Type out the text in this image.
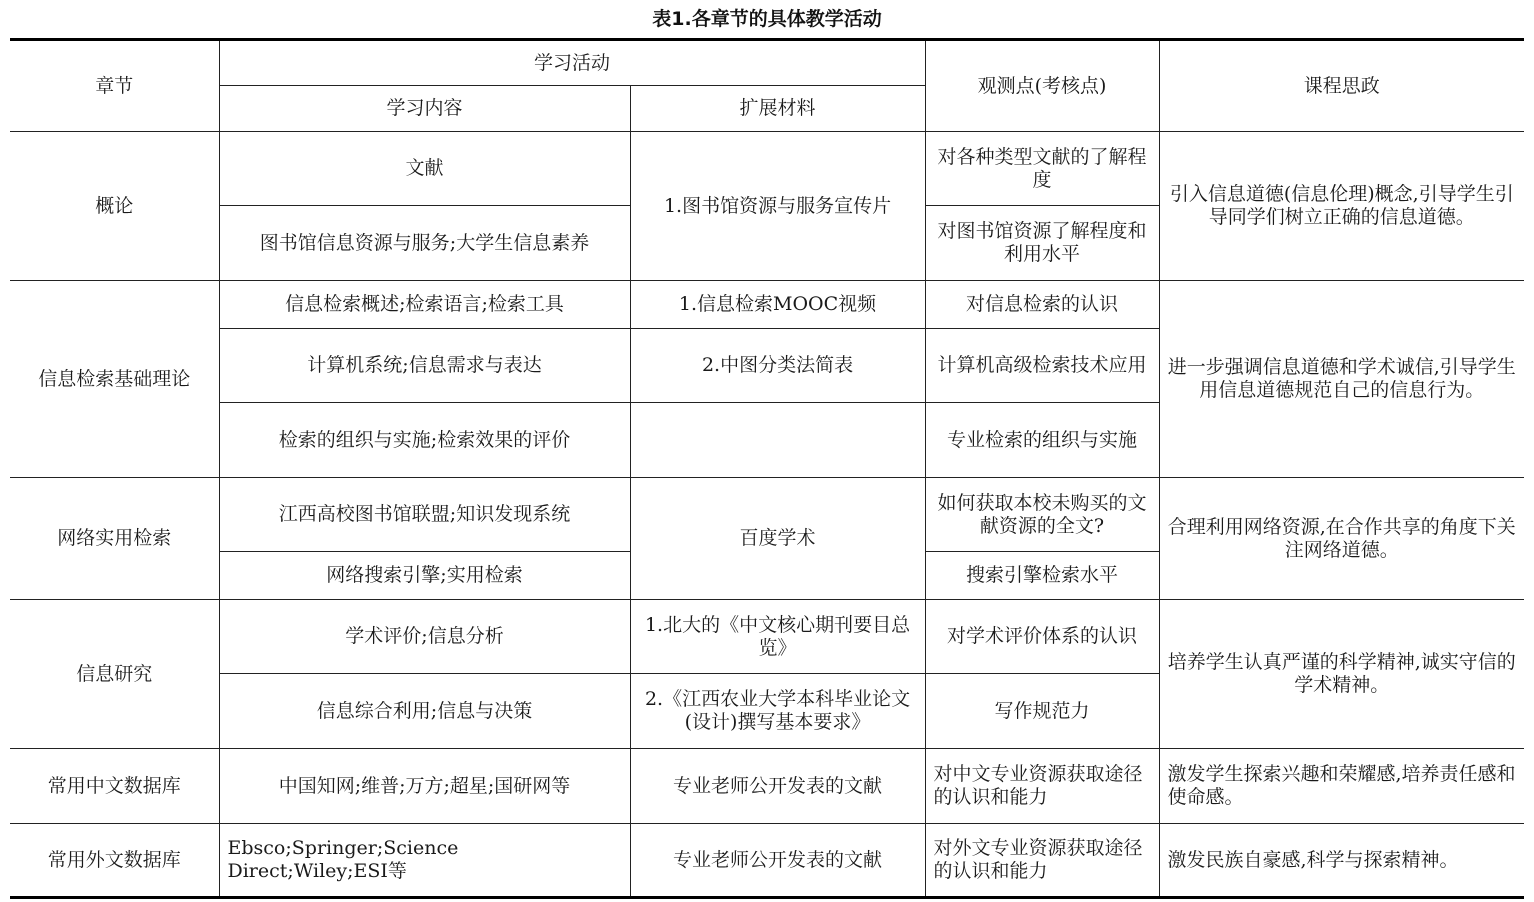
表1.各章节的具体教学活动
章节	学习活动		观测点(考核点)	课程思政
	学习内容	扩展材料		
概论	文献	1.图书馆资源与服务宣传片	对各种类型文献的了解程度	引入信息道德(信息伦理)概念,引导学生引导同学们树立正确的信息道德。
	图书馆信息资源与服务;大学生信息素养		对图书馆资源了解程度和利用水平	
信息检索基础理论	信息检索概述;检索语言;检索工具	1.信息检索MOOC视频	对信息检索的认识	进一步强调信息道德和学术诚信,引导学生用信息道德规范自己的信息行为。
	计算机系统;信息需求与表达	2.中图分类法简表	计算机高级检索技术应用	
	检索的组织与实施;检索效果的评价		专业检索的组织与实施	
网络实用检索	江西高校图书馆联盟;知识发现系统	百度学术	如何获取本校未购买的文献资源的全文?	合理利用网络资源,在合作共享的角度下关注网络道德。
	网络搜索引擎;实用检索		搜索引擎检索水平	
信息研究	学术评价;信息分析	1.北大的《中文核心期刊要目总览》	对学术评价体系的认识	培养学生认真严谨的科学精神,诚实守信的学术精神。
	信息综合利用;信息与决策	2.《江西农业大学本科毕业论文(设计)撰写基本要求》	写作规范力	
常用中文数据库	中国知网;维普;万方;超星;国研网等	专业老师公开发表的文献	对中文专业资源获取途径的认识和能力	激发学生探索兴趣和荣耀感,培养责任感和使命感。
常用外文数据库	Ebsco;Springer;Science Direct;Wiley;ESI等	专业老师公开发表的文献	对外文专业资源获取途径的认识和能力	激发民族自豪感,科学与探索精神。
